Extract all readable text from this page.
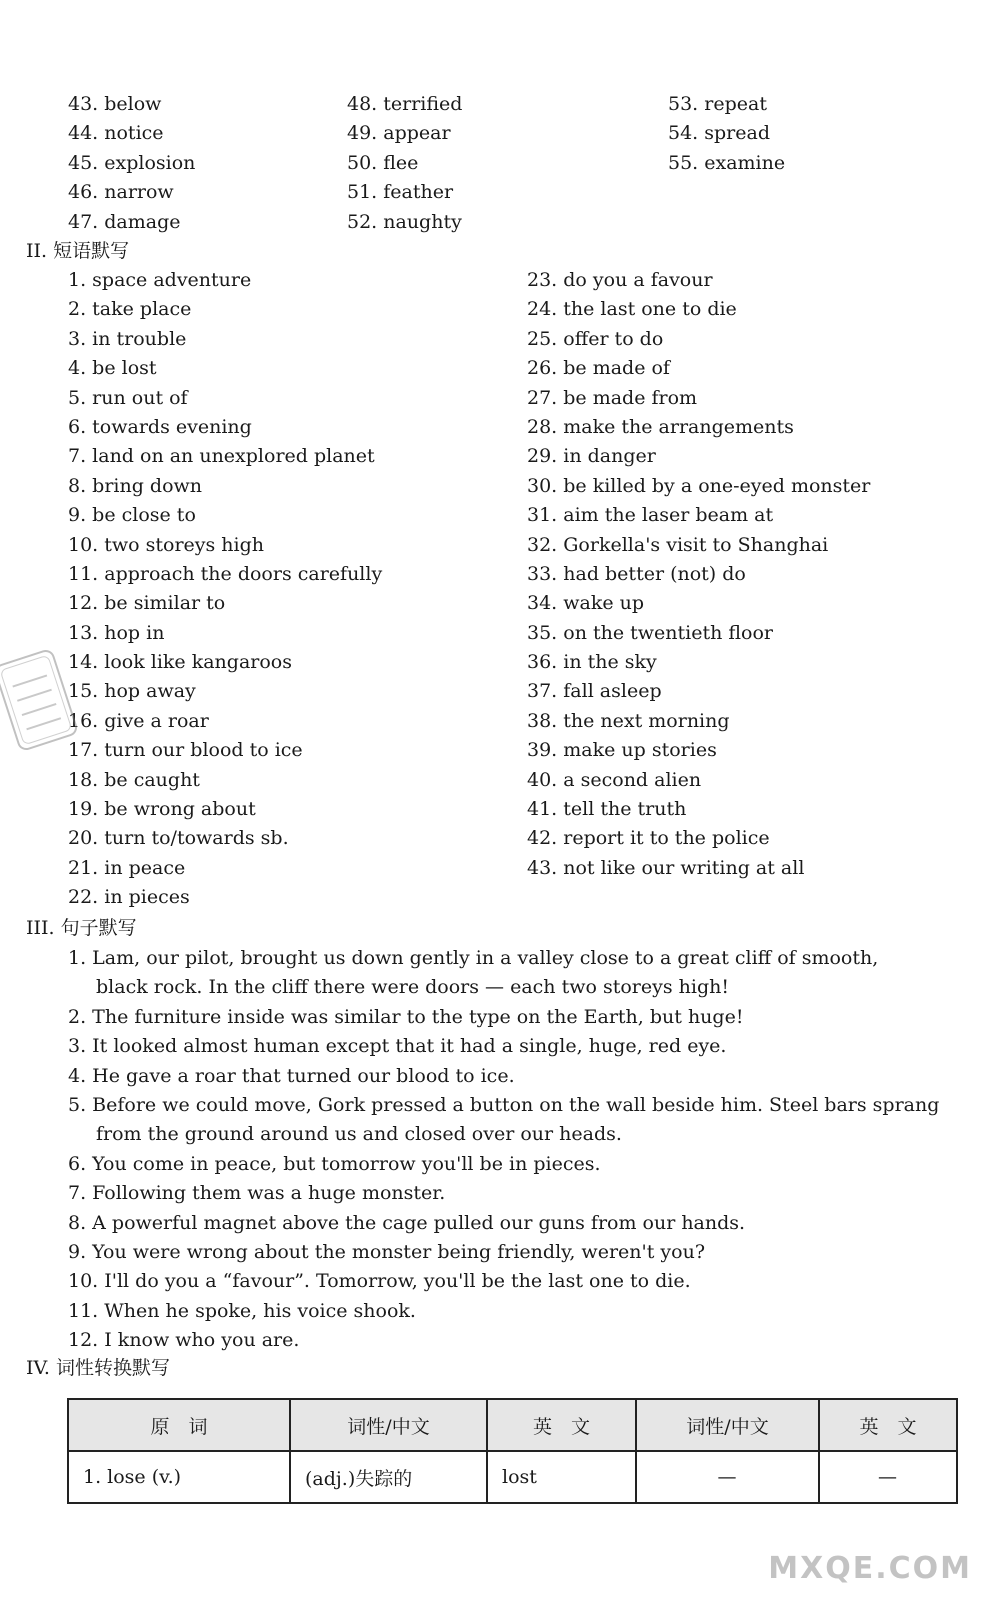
43. below
44. notice
45. explosion
46. narrow
47. damage
48. terrified
49. appear
50. flee
51. feather
52. naughty
53. repeat
54. spread
55. examine
II. 短语默写
1. space adventure
2. take place
3. in trouble
4. be lost
5. run out of
6. towards evening
7. land on an unexplored planet
8. bring down
9. be close to
10. two storeys high
11. approach the doors carefully
12. be similar to
13. hop in
14. look like kangaroos
15. hop away
16. give a roar
17. turn our blood to ice
18. be caught
19. be wrong about
20. turn to/towards sb.
21. in peace
22. in pieces
23. do you a favour
24. the last one to die
25. offer to do
26. be made of
27. be made from
28. make the arrangements
29. in danger
30. be killed by a one-eyed monster
31. aim the laser beam at
32. Gorkella's visit to Shanghai
33. had better (not) do
34. wake up
35. on the twentieth floor
36. in the sky
37. fall asleep
38. the next morning
39. make up stories
40. a second alien
41. tell the truth
42. report it to the police
43. not like our writing at all
III. 句子默写
1. Lam, our pilot, brought us down gently in a valley close to a great cliff of smooth,
black rock. In the cliff there were doors — each two storeys high!
2. The furniture inside was similar to the type on the Earth, but huge!
3. It looked almost human except that it had a single, huge, red eye.
4. He gave a roar that turned our blood to ice.
5. Before we could move, Gork pressed a button on the wall beside him. Steel bars sprang
from the ground around us and closed over our heads.
6. You come in peace, but tomorrow you'll be in pieces.
7. Following them was a huge monster.
8. A powerful magnet above the cage pulled our guns from our hands.
9. You were wrong about the monster being friendly, weren't you?
10. I'll do you a “favour”. Tomorrow, you'll be the last one to die.
11. When he spoke, his voice shook.
12. I know who you are.
IV. 词性转换默写
原　词	词性/中文	英　文	词性/中文	英　文
1. lose (v.)	(adj.)失踪的	lost	—	—
MXQE.COM
